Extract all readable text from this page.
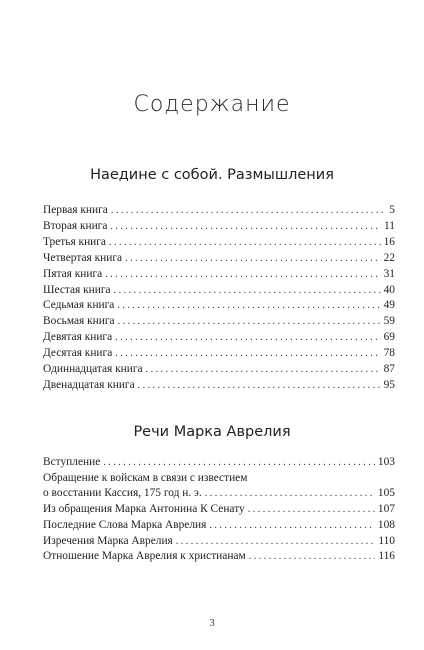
Содержание
Наедине с собой. Размышления
Первая книга . . .	5
Вторая книга . . .	11
Третья книга . . .	16
Четвертая книга . . .	22
Пятая книга . . .	31
Шестая книга . . .	40
Седьмая книга . . .	49
Восьмая книга . . .	59
Девятая книга . . .	69
Десятая книга . . .	78
Одиннадцатая книга . . .	87
Двенадцатая книга . . .	95
Речи Марка Аврелия
Вступление . . .	103
Обращение к войскам в связи с известием
о восстании Кассия, 175 год н. э. . . .	105
Из обращения Марка Антонина К Сенату . . .	107
Последние Слова Марка Аврелия . . .	108
Изречения Марка Аврелия . . .	110
Отношение Марка Аврелия к христианам . . .	116
3
